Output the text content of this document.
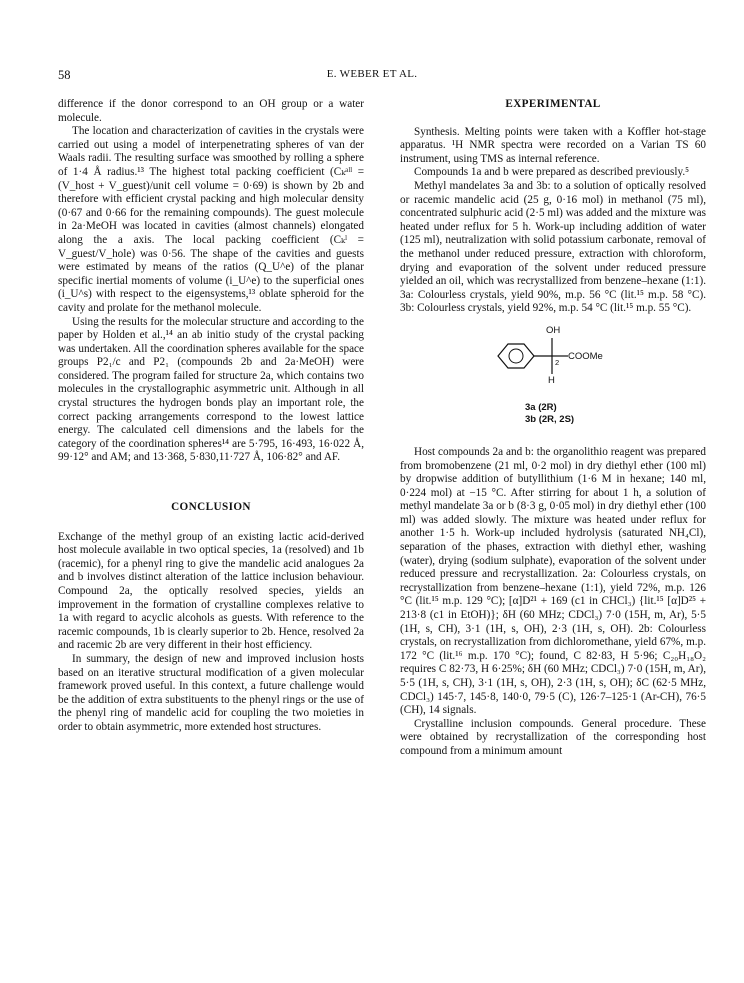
58	E. WEBER ET AL.

difference if the donor correspond to an OH group or a water molecule.

The location and characterization of cavities in the crystals were carried out using a model of interpenetrating spheres of van der Waals radii. The resulting surface was smoothed by rolling a sphere of 1·4 Å radius.¹³ The highest total packing coefficient (Cₖᵃˡˡ = (V_host + V_guest)/unit cell volume = 0·69) is shown by 2b and therefore with efficient crystal packing and high molecular density (0·67 and 0·66 for the remaining compounds). The guest molecule in 2a·MeOH was located in cavities (almost channels) elongated along the a axis. The local packing coefficient (Cₖˡ = V_guest/V_hole) was 0·56. The shape of the cavities and guests were estimated by means of the ratios (Q_U^e) of the planar specific inertial moments of volume (i_U^e) to the superficial ones (i_U^s) with respect to the eigensystems,¹³ oblate spheroid for the cavity and prolate for the methanol molecule.

Using the results for the molecular structure and according to the paper by Holden et al.,¹⁴ an ab initio study of the crystal packing was undertaken. All the coordination spheres available for the space groups P2₁/c and P2₁ (compounds 2b and 2a·MeOH) were considered. The program failed for structure 2a, which contains two molecules in the crystallographic asymmetric unit. Although in all crystal structures the hydrogen bonds play an important role, the correct packing arrangements correspond to the lowest lattice energy. The calculated cell dimensions and the labels for the category of the coordination spheres¹⁴ are 5·795, 16·493, 16·022 Å, 99·12° and AM; and 13·368, 5·830,11·727 Å, 106·82° and AF.

CONCLUSION

Exchange of the methyl group of an existing lactic acid-derived host molecule available in two optical species, 1a (resolved) and 1b (racemic), for a phenyl ring to give the mandelic acid analogues 2a and b involves distinct alteration of the lattice inclusion behaviour. Compound 2a, the optically resolved species, yields an improvement in the formation of crystalline complexes relative to 1a with regard to acyclic alcohols as guests. With reference to the racemic compounds, 1b is clearly superior to 2b. Hence, resolved 2a and racemic 2b are very different in their host efficiency.

In summary, the design of new and improved inclusion hosts based on an iterative structural modification of a given molecular framework proved useful. In this context, a future challenge would be the addition of extra substituents to the phenyl rings or the use of the phenyl ring of mandelic acid for coupling the two moieties in order to obtain asymmetric, more extended host structures.

EXPERIMENTAL

Synthesis. Melting points were taken with a Koffler hot-stage apparatus. ¹H NMR spectra were recorded on a Varian TS 60 instrument, using TMS as internal reference.

Compounds 1a and b were prepared as described previously.⁵

Methyl mandelates 3a and 3b: to a solution of optically resolved or racemic mandelic acid (25 g, 0·16 mol) in methanol (75 ml), concentrated sulphuric acid (2·5 ml) was added and the mixture was heated under reflux for 5 h. Work-up including addition of water (125 ml), neutralization with solid potassium carbonate, removal of the methanol under reduced pressure, extraction with chloroform, drying and evaporation of the solvent under reduced pressure yielded an oil, which was recrystallized from benzene–hexane (1:1). 3a: Colourless crystals, yield 90%, m.p. 56 °C (lit.¹⁵ m.p. 58 °C). 3b: Colourless crystals, yield 92%, m.p. 54 °C (lit.¹⁵ m.p. 55 °C).

OH
H
COOMe
2
3a (2R)
3b (2R, 2S)

Host compounds 2a and b: the organolithio reagent was prepared from bromobenzene (21 ml, 0·2 mol) in dry diethyl ether (100 ml) by dropwise addition of butyllithium (1·6 M in hexane; 140 ml, 0·224 mol) at −15 °C. After stirring for about 1 h, a solution of methyl mandelate 3a or b (8·3 g, 0·05 mol) in dry diethyl ether (100 ml) was added slowly. The mixture was heated under reflux for another 1·5 h. Work-up included hydrolysis (saturated NH₄Cl), separation of the phases, extraction with diethyl ether, washing (water), drying (sodium sulphate), evaporation of the solvent under reduced pressure and recrystallization. 2a: Colourless crystals, on recrystallization from benzene–hexane (1:1), yield 72%, m.p. 126 °C (lit.¹⁵ m.p. 129 °C); [α]D²¹ + 169 (c1 in CHCl₃) {lit.¹⁵ [α]D²⁵ + 213·8 (c1 in EtOH)}; δH (60 MHz; CDCl₃) 7·0 (15H, m, Ar), 5·5 (1H, s, CH), 3·1 (1H, s, OH), 2·3 (1H, s, OH). 2b: Colourless crystals, on recrystallization from dichloromethane, yield 67%, m.p. 172 °C (lit.¹⁶ m.p. 170 °C); found, C 82·83, H 5·96; C₂₀H₁₈O₂ requires C 82·73, H 6·25%; δH (60 MHz; CDCl₃) 7·0 (15H, m, Ar), 5·5 (1H, s, CH), 3·1 (1H, s, OH), 2·3 (1H, s, OH); δC (62·5 MHz, CDCl₃) 145·7, 145·8, 140·0, 79·5 (C), 126·7–125·1 (Ar-CH), 76·5 (CH), 14 signals.

Crystalline inclusion compounds. General procedure. These were obtained by recrystallization of the corresponding host compound from a minimum amount
